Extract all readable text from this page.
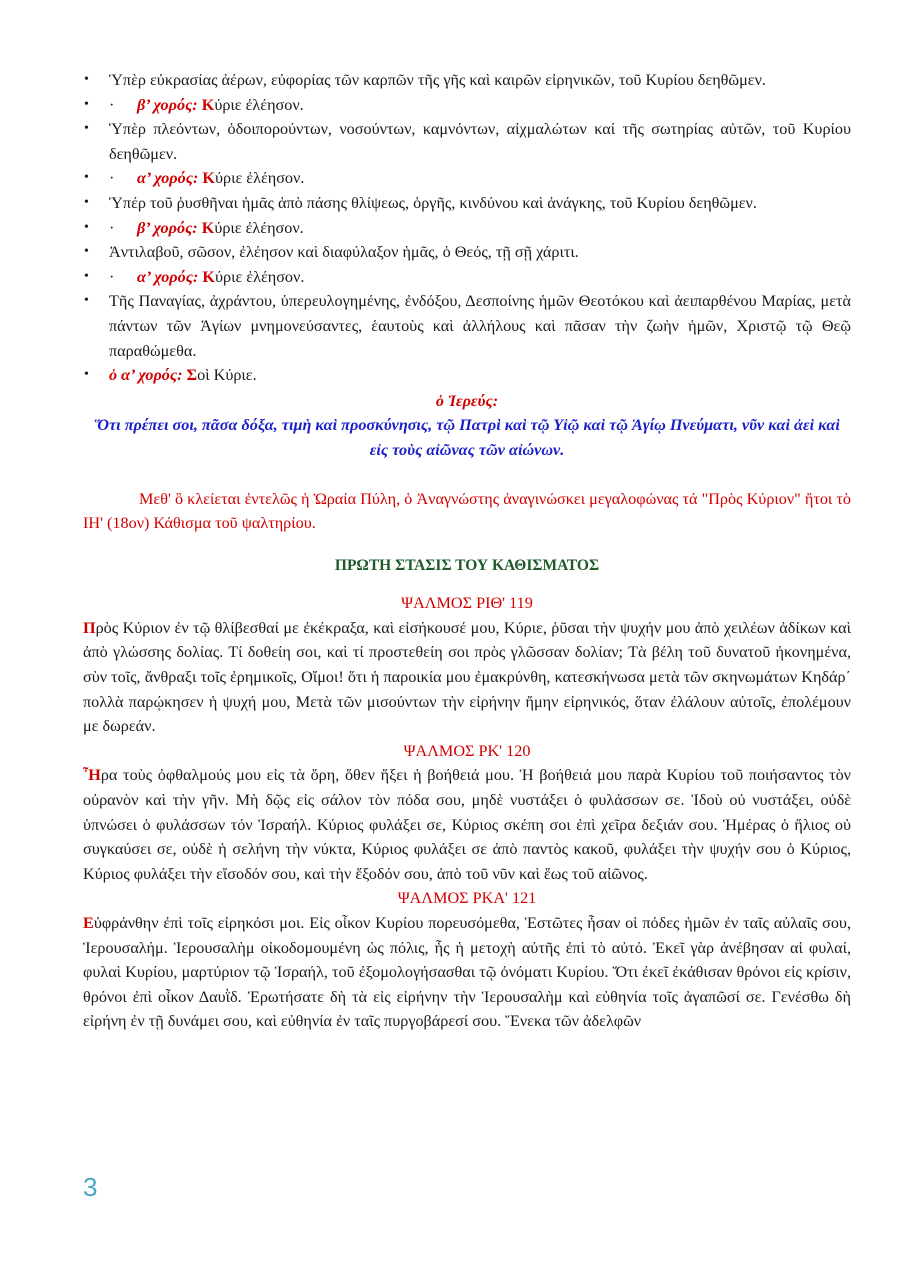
• Ὑπὲρ εὐκρασίας ἀέρων, εὐφορίας τῶν καρπῶν τῆς γῆς καὶ καιρῶν εἰρηνικῶν, τοῦ Κυρίου δεηθῶμεν.
• · β’ χορός: Κύριε ἐλέησον.
• Ὑπὲρ πλεόντων, ὁδοιπορούντων, νοσούντων, καμνόντων, αἰχμαλώτων καί τῆς σωτηρίας αὐτῶν, τοῦ Κυρίου δεηθῶμεν.
• · α’ χορός: Κύριε ἐλέησον.
• Ὑπέρ τοῦ ῥυσθῆναι ἡμᾶς ἀπὸ πάσης θλίψεως, ὀργῆς, κινδύνου καὶ ἀνάγκης, τοῦ Κυρίου δεηθῶμεν.
• · β’ χορός: Κύριε ἐλέησον.
• Ἀντιλαβοῦ, σῶσον, ἐλέησον καὶ διαφύλαξον ἡμᾶς, ὁ Θεός, τῇ σῇ χάριτι.
• · α’ χορός: Κύριε ἐλέησον.
• Τῆς Παναγίας, ἀχράντου, ὑπερευλογημένης, ἐνδόξου, Δεσποίνης ἡμῶν Θεοτόκου καὶ ἀειπαρθένου Μαρίας, μετὰ πάντων τῶν Ἁγίων μνημονεύσαντες, ἑαυτοὺς καὶ ἀλλήλους καὶ πᾶσαν τὴν ζωὴν ἡμῶν, Χριστῷ τῷ Θεῷ παραθώμεθα.
• ὁ α’ χορός: Σοὶ Κύριε.
ὁ Ἱερεύς:
Ὅτι πρέπει σοι, πᾶσα δόξα, τιμὴ καὶ προσκύνησις, τῷ Πατρὶ καὶ τῷ Υἱῷ καὶ τῷ Ἁγίῳ Πνεύματι, νῦν καὶ ἀεὶ καὶ εἰς τοὺς αἰῶνας τῶν αἰώνων.
Μεθ' ὃ κλείεται ἐντελῶς ἡ Ὡραία Πύλη, ὁ Ἀναγνώστης ἀναγινώσκει μεγαλοφώνας τά "Πρὸς Κύριον" ἤτοι τὸ ΙΗ' (18ον) Κάθισμα τοῦ ψαλτηρίου.
ΠΡΩΤΗ ΣΤΑΣΙΣ ΤΟΥ ΚΑΘΙΣΜΑΤΟΣ
ΨΑΛΜΟΣ ΡΙΘ' 119
Πρὸς Κύριον ἐν τῷ θλίβεσθαί με ἐκέκραξα, καὶ εἰσήκουσέ μου, Κύριε, ῥῦσαι τὴν ψυχήν μου ἀπὸ χειλέων ἀδίκων καὶ ἀπὸ γλώσσης δολίας. Τί δοθείη σοι, καὶ τί προστεθείη σοι πρὸς γλῶσσαν δολίαν; Τὰ βέλη τοῦ δυνατοῦ ἠκονημένα, σὺν τοῖς, ἄνθραξι τοῖς ἐρημικοῖς, Οἴμοι! ὅτι ἡ παροικία μου ἐμακρύνθη, κατεσκήνωσα μετὰ τῶν σκηνωμάτων Κηδάρ΄ πολλὰ παρῴκησεν ἡ ψυχή μου, Μετὰ τῶν μισούντων τὴν εἰρήνην ἤμην εἰρηνικός, ὅταν ἐλάλουν αὐτοῖς, ἐπολέμουν με δωρεάν.
ΨΑΛΜΟΣ ΡΚ' 120
Ἦρα τοὺς ὀφθαλμούς μου εἰς τὰ ὄρη, ὅθεν ἥξει ἡ βοήθειά μου. Ἡ βοήθειά μου παρὰ Κυρίου τοῦ ποιήσαντος τὸν οὐρανὸν καὶ τὴν γῆν. Μὴ δῷς εἰς σάλον τὸν πόδα σου, μηδὲ νυστάξει ὁ φυλάσσων σε. Ἰδοὺ οὐ νυστάξει, οὐδὲ ὑπνώσει ὁ φυλάσσων τόν Ἰσραήλ. Κύριος φυλάξει σε, Κύριος σκέπη σοι ἐπὶ χεῖρα δεξιάν σου. Ἡμέρας ὁ ἥλιος οὐ συγκαύσει σε, οὐδὲ ἡ σελήνη τὴν νύκτα, Κύριος φυλάξει σε ἀπὸ παντὸς κακοῦ, φυλάξει τὴν ψυχήν σου ὁ Κύριος, Κύριος φυλάξει τὴν εἴσοδόν σου, καὶ τὴν ἔξοδόν σου, ἀπὸ τοῦ νῦν καὶ ἕως τοῦ αἰῶνος.
ΨΑΛΜΟΣ ΡΚΑ' 121
Εὐφράνθην ἐπὶ τοῖς εἰρηκόσι μοι. Εἰς οἶκον Κυρίου πορευσόμεθα, Ἑστῶτες ἦσαν οἱ πόδες ἡμῶν ἐν ταῖς αὐλαῖς σου, Ἱερουσαλήμ. Ἱερουσαλὴμ οἰκοδομουμένη ὡς πόλις, ἧς ἡ μετοχὴ αὐτῆς ἐπὶ τὸ αὐτό. Ἐκεῖ γὰρ ἀνέβησαν αἱ φυλαί, φυλαὶ Κυρίου, μαρτύριον τῷ Ἰσραήλ, τοῦ ἐξομολογήσασθαι τῷ ὀνόματι Κυρίου. Ὅτι ἐκεῖ ἐκάθισαν θρόνοι εἰς κρίσιν, θρόνοι ἐπὶ οἶκον Δαυῒδ. Ἐρωτήσατε δὴ τὰ εἰς εἰρήνην τὴν Ἱερουσαλὴμ καὶ εὐθηνία τοῖς ἀγαπῶσί σε. Γενέσθω δὴ εἰρήνη ἐν τῇ δυνάμει σου, καὶ εὐθηνία ἐν ταῖς πυργοβάρεσί σου. Ἕνεκα τῶν ἀδελφῶν
3
